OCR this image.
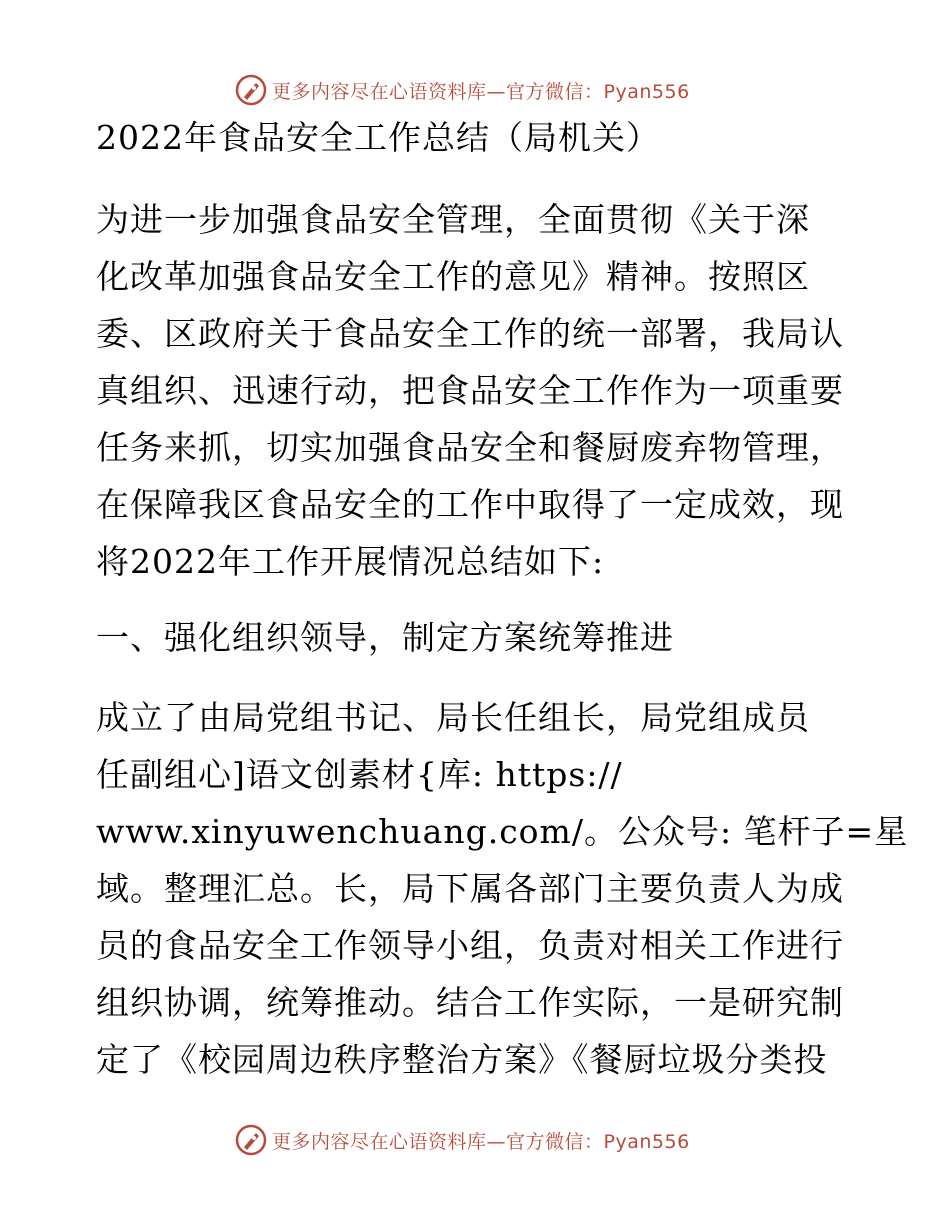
更多内容尽在心语资料库—官方微信：Pyan556
2022年食品安全工作总结（局机关）
为进一步加强食品安全管理，全面贯彻《关于深
化改革加强食品安全工作的意见》精神。按照区
委、区政府关于食品安全工作的统一部署，我局认
真组织、迅速行动，把食品安全工作作为一项重要
任务来抓，切实加强食品安全和餐厨废弃物管理，
在保障我区食品安全的工作中取得了一定成效，现
将2022年工作开展情况总结如下:
一、强化组织领导，制定方案统筹推进
成立了由局党组书记、局长任组长，局党组成员
任副组心]语文创素材{库: https://
www.xinyuwenchuang.com/。公众号: 笔杆子=星
域。整理汇总。长，局下属各部门主要负责人为成
员的食品安全工作领导小组，负责对相关工作进行
组织协调，统筹推动。结合工作实际，一是研究制
定了《校园周边秩序整治方案》《餐厨垃圾分类投
更多内容尽在心语资料库—官方微信：Pyan556
